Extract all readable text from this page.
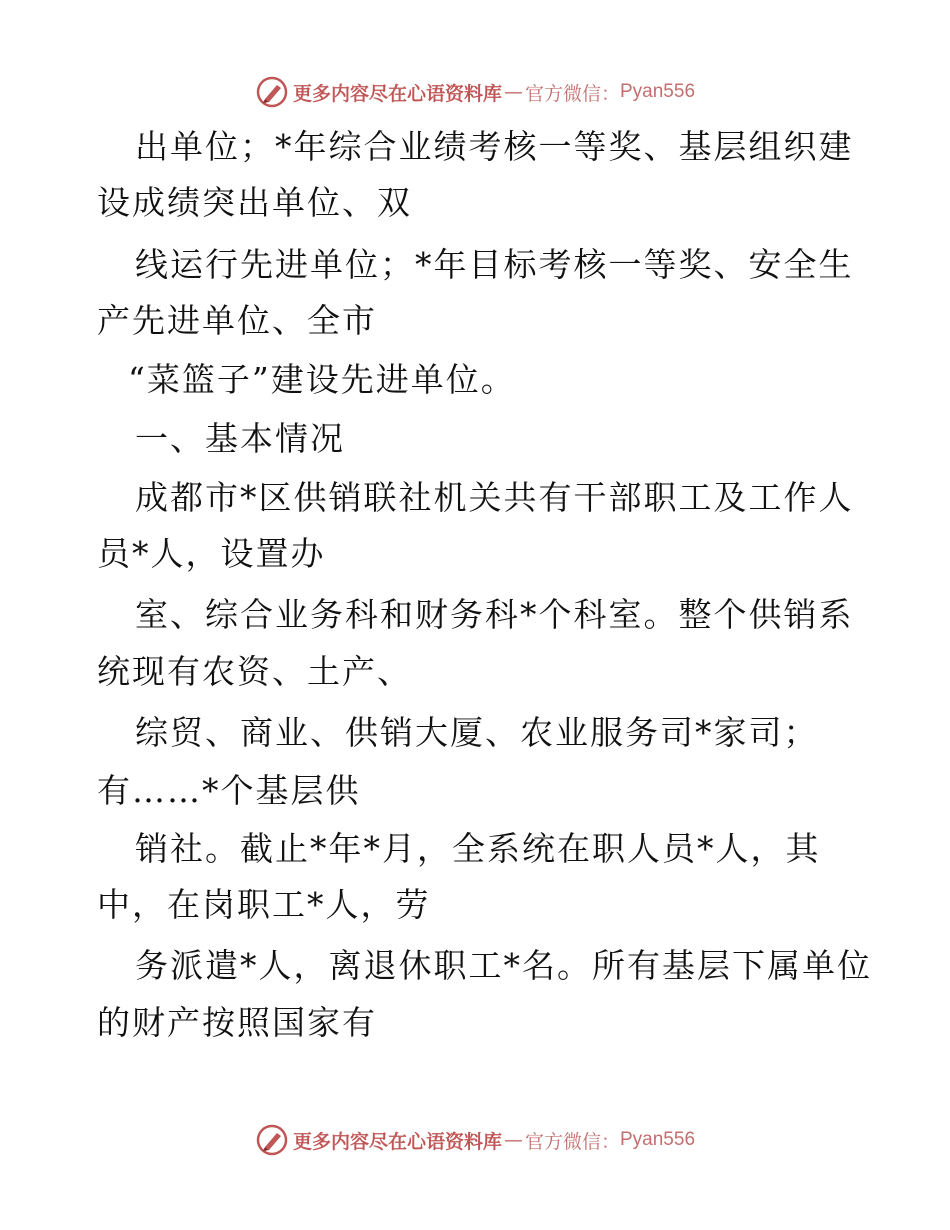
更多内容尽在心语资料库 — 官方微信： Pyan556
出单位；*年综合业绩考核一等奖、基层组织建
设成绩突出单位、双
线运行先进单位；*年目标考核一等奖、安全生
产先进单位、全市
“菜篮子”建设先进单位。
一、基本情况
成都市*区供销联社机关共有干部职工及工作人
员*人，设置办
室、综合业务科和财务科*个科室。整个供销系
统现有农资、土产、
综贸、商业、供销大厦、农业服务司*家司；
有……*个基层供
销社。截止*年*月，全系统在职人员*人，其
中，在岗职工*人，劳
务派遣*人，离退休职工*名。所有基层下属单位
的财产按照国家有
更多内容尽在心语资料库 — 官方微信： Pyan556
